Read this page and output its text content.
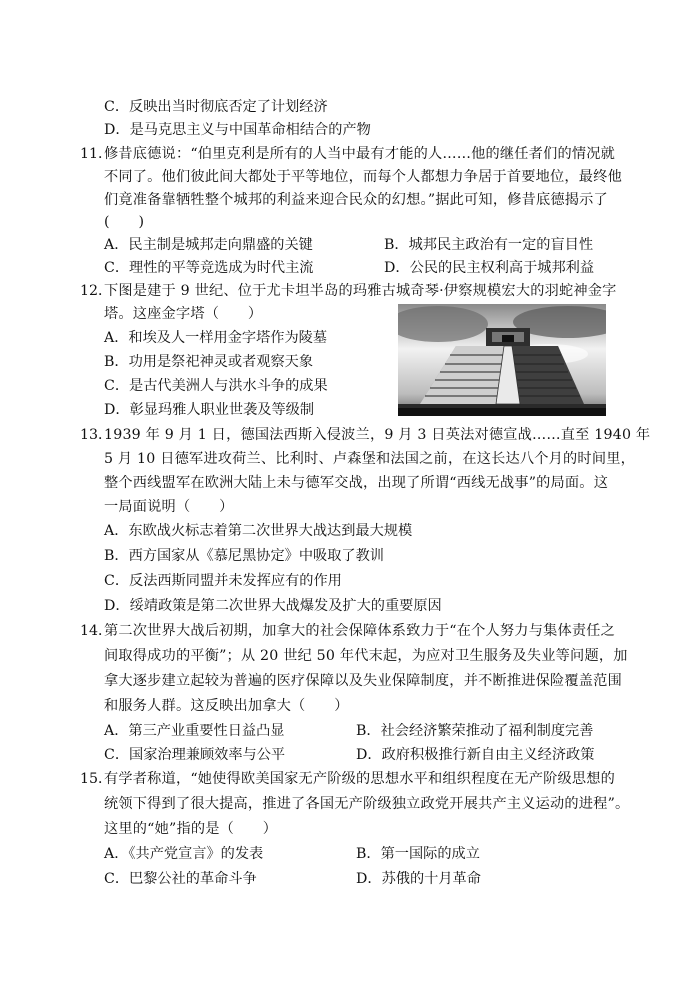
C．反映出当时彻底否定了计划经济
D．是马克思主义与中国革命相结合的产物
11．
修昔底德说：“伯里克利是所有的人当中最有才能的人……他的继任者们的情况就
不同了。他们彼此间大都处于平等地位，而每个人都想力争居于首要地位，最终他
们竟准备靠牺牲整个城邦的利益来迎合民众的幻想。”据此可知，修昔底德揭示了
(　　)
A．民主制是城邦走向鼎盛的关键	B．城邦民主政治有一定的盲目性
C．理性的平等竞选成为时代主流	D．公民的民主权利高于城邦利益
12．
下图是建于 9 世纪、位于尤卡坦半岛的玛雅古城奇琴·伊察规模宏大的羽蛇神金字
塔。这座金字塔（　　）
A．和埃及人一样用金字塔作为陵墓
B．功用是祭祀神灵或者观察天象
C．是古代美洲人与洪水斗争的成果
D．彰显玛雅人职业世袭及等级制
13．
1939 年 9 月 1 日，德国法西斯入侵波兰，9 月 3 日英法对德宣战……直至 1940 年
5 月 10 日德军进攻荷兰、比利时、卢森堡和法国之前，在这长达八个月的时间里，
整个西线盟军在欧洲大陆上未与德军交战，出现了所谓“西线无战事”的局面。这
一局面说明（　　）
A．东欧战火标志着第二次世界大战达到最大规模
B．西方国家从《慕尼黑协定》中吸取了教训
C．反法西斯同盟并未发挥应有的作用
D．绥靖政策是第二次世界大战爆发及扩大的重要原因
14．
第二次世界大战后初期，加拿大的社会保障体系致力于“在个人努力与集体责任之
间取得成功的平衡”；从 20 世纪 50 年代末起，为应对卫生服务及失业等问题，加
拿大逐步建立起较为普遍的医疗保障以及失业保障制度，并不断推进保险覆盖范围
和服务人群。这反映出加拿大（　　）
A．第三产业重要性日益凸显	B．社会经济繁荣推动了福利制度完善
C．国家治理兼顾效率与公平	D．政府积极推行新自由主义经济政策
15．
有学者称道，“她使得欧美国家无产阶级的思想水平和组织程度在无产阶级思想的
统领下得到了很大提高，推进了各国无产阶级独立政党开展共产主义运动的进程”。
这里的“她”指的是（　　）
A．《共产党宣言》的发表	B．第一国际的成立
C．巴黎公社的革命斗争	D．苏俄的十月革命
